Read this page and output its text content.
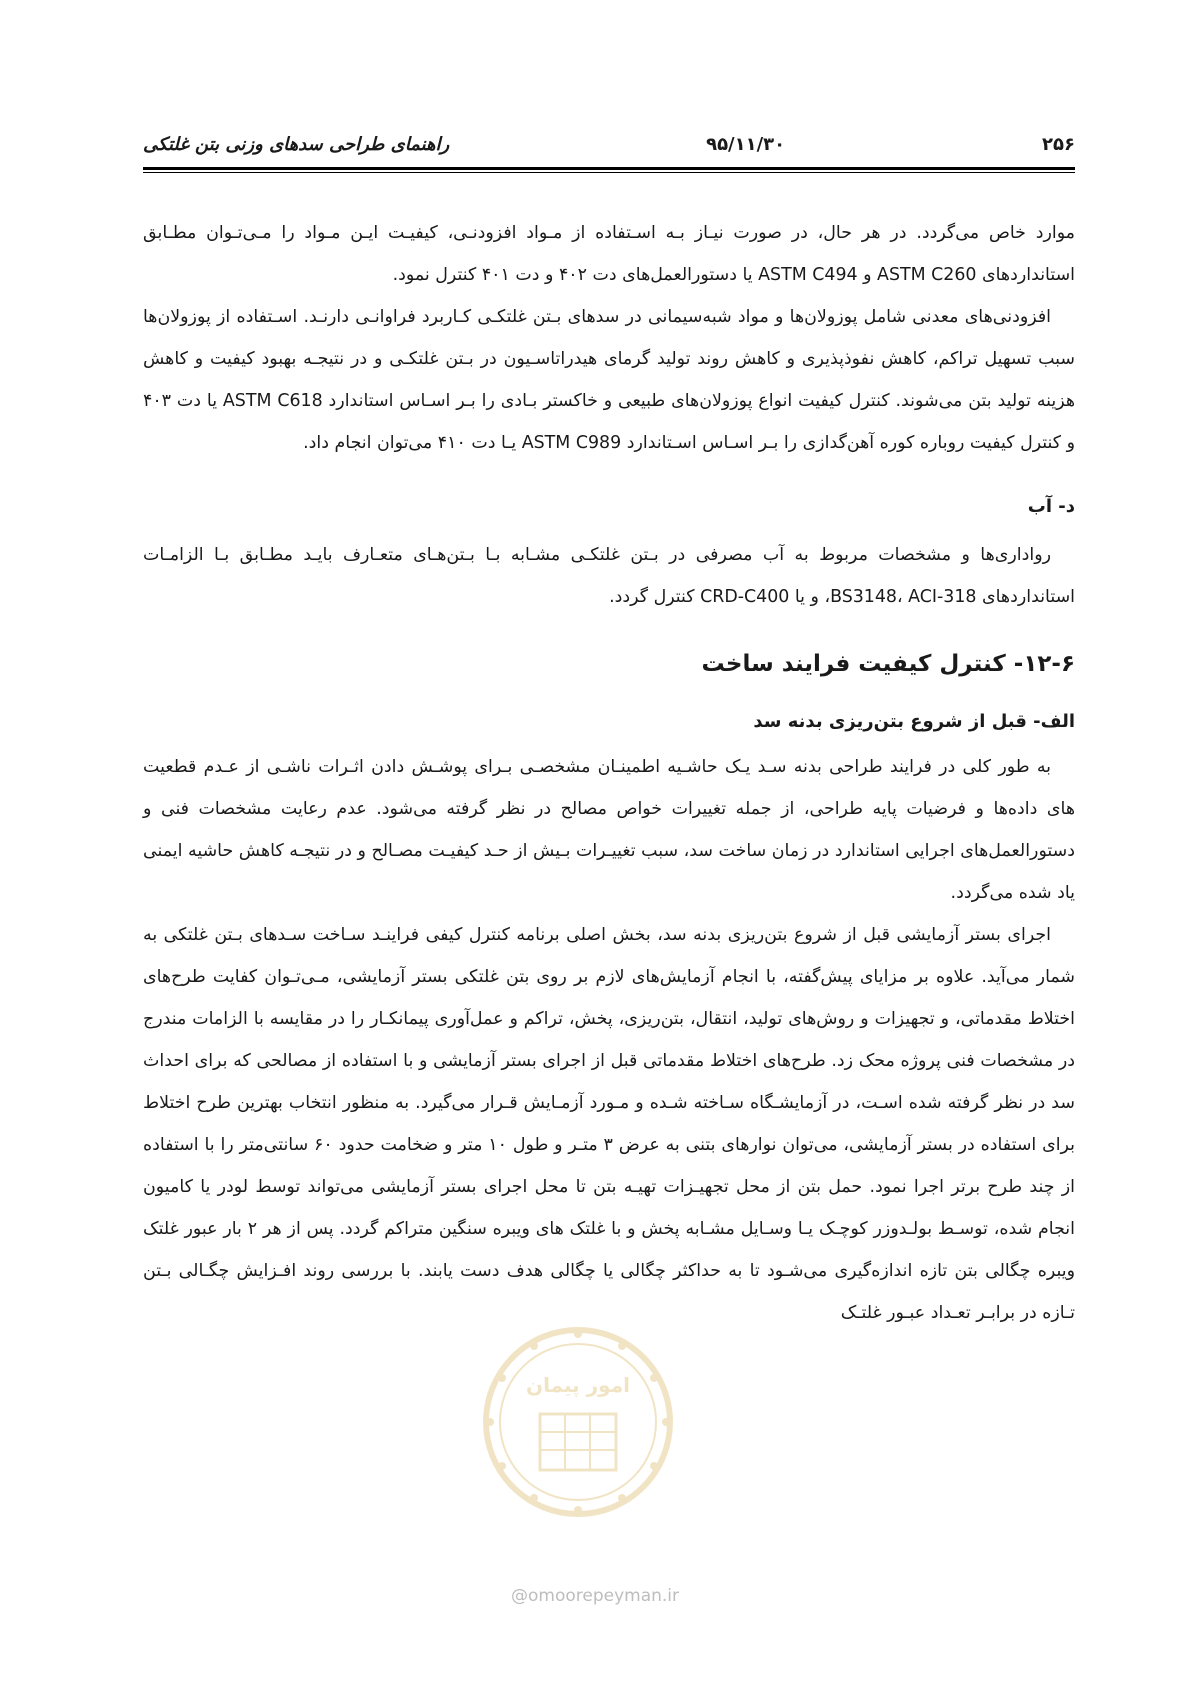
۲۵۶
۹۵/۱۱/۳۰
راهنمای طراحی سدهای وزنی بتن غلتکی

موارد خاص می‌گردد. در هر حال، در صورت نیـاز بـه اسـتفاده از مـواد افزودنـی، کیفیـت ایـن مـواد را مـی‌تـوان مطـابق استانداردهای ASTM C260 و ASTM C494 یا دستورالعمل‌های دت ۴۰۲ و دت ۴۰۱ کنترل نمود.

افزودنی‌های معدنی شامل پوزولان‌ها و مواد شبه‌سیمانی در سدهای بـتن غلتکـی کـاربرد فراوانـی دارنـد. اسـتفاده از پوزولان‌ها سبب تسهیل تراکم، کاهش نفوذپذیری و کاهش روند تولید گرمای هیدراتاسـیون در بـتن غلتکـی و در نتیجـه بهبود کیفیت و کاهش هزینه تولید بتن می‌شوند. کنترل کیفیت انواع پوزولان‌های طبیعی و خاکستر بـادی را بـر اسـاس استاندارد ASTM C618 یا دت ۴۰۳ و کنترل کیفیت روباره کوره آهن‌گدازی را بـر اسـاس اسـتاندارد ASTM C989 یـا دت ۴۱۰ می‌توان انجام داد.

د- آب

رواداری‌ها و مشخصات مربوط به آب مصرفی در بـتن غلتکـی مشـابه بـا بـتن‌هـای متعـارف بایـد مطـابق بـا الزامـات استانداردهای BS3148، ACI-318، و یا CRD-C400 کنترل گردد.

۱۲-۶- کنترل کیفیت فرایند ساخت

الف- قبل از شروع بتن‌ریزی بدنه سد

به طور کلی در فرایند طراحی بدنه سـد یـک حاشـیه اطمینـان مشخصـی بـرای پوشـش دادن اثـرات ناشـی از عـدم قطعیت های داده‌ها و فرضیات پایه طراحی، از جمله تغییرات خواص مصالح در نظر گرفته می‌شود. عدم رعایت مشخصات فنی و دستورالعمل‌های اجرایی استاندارد در زمان ساخت سد، سبب تغییـرات بـیش از حـد کیفیـت مصـالح و در نتیجـه کاهش حاشیه ایمنی یاد شده می‌گردد.

اجرای بستر آزمایشی قبل از شروع بتن‌ریزی بدنه سد، بخش اصلی برنامه کنترل کیفی فراینـد سـاخت سـدهای بـتن غلتکی به شمار می‌آید. علاوه بر مزایای پیش‌گفته، با انجام آزمایش‌های لازم بر روی بتن غلتکی بستر آزمایشی، مـی‌تـوان کفایت طرح‌های اختلاط مقدماتی، و تجهیزات و روش‌های تولید، انتقال، بتن‌ریزی، پخش، تراکم و عمل‌آوری پیمانکـار را در مقایسه با الزامات مندرج در مشخصات فنی پروژه محک زد. طرح‌های اختلاط مقدماتی قبل از اجرای بستر آزمایشی و با استفاده از مصالحی که برای احداث سد در نظر گرفته شده اسـت، در آزمایشـگاه سـاخته شـده و مـورد آزمـایش قـرار می‌گیرد. به منظور انتخاب بهترین طرح اختلاط برای استفاده در بستر آزمایشی، می‌توان نوارهای بتنی به عرض ۳ متـر و طول ۱۰ متر و ضخامت حدود ۶۰ سانتی‌متر را با استفاده از چند طرح برتر اجرا نمود. حمل بتن از محل تجهیـزات تهیـه بتن تا محل اجرای بستر آزمایشی می‌تواند توسط لودر یا کامیون انجام شده، توسـط بولـدوزر کوچـک یـا وسـایل مشـابه پخش و با غلتک های ویبره سنگین متراکم گردد. پس از هر ۲ بار عبور غلتک ویبره چگالی بتن تازه اندازه‌گیری می‌شـود تا به حداکثر چگالی یا چگالی هدف دست یابند. با بررسی روند افـزایش چگـالی بـتن تـازه در برابـر تعـداد عبـور غلتـک

امور پیمان
@omoorepeyman.ir
